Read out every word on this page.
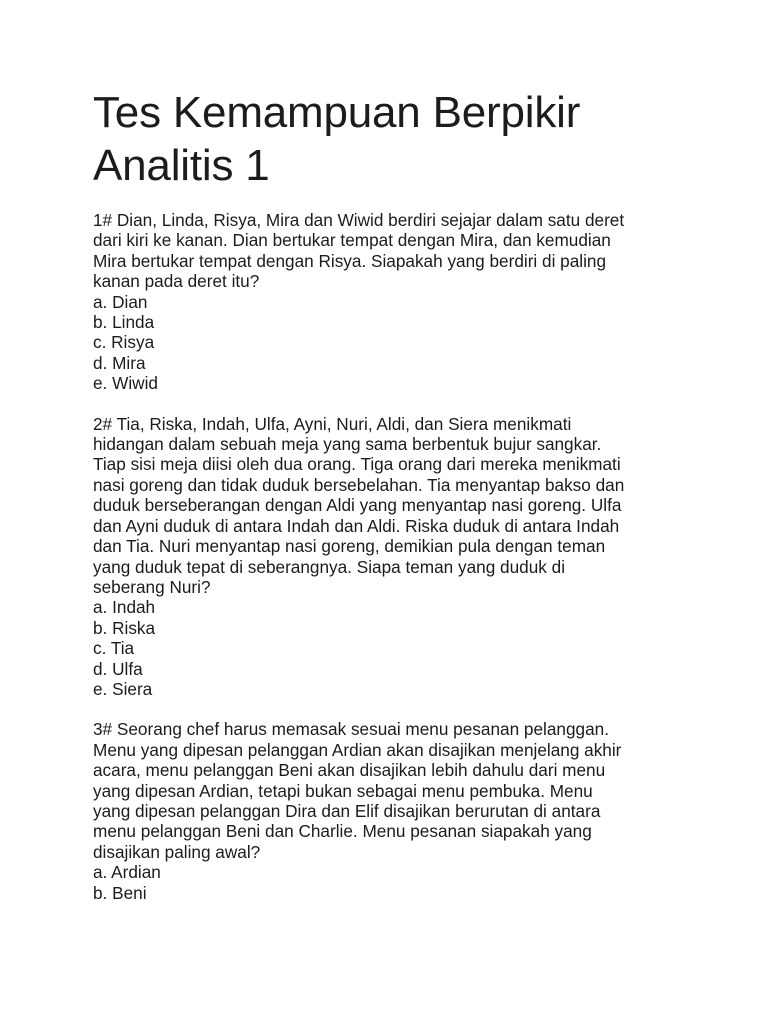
Tes Kemampuan Berpikir
Analitis 1
1# Dian, Linda, Risya, Mira dan Wiwid berdiri sejajar dalam satu deret
dari kiri ke kanan. Dian bertukar tempat dengan Mira, dan kemudian
Mira bertukar tempat dengan Risya. Siapakah yang berdiri di paling
kanan pada deret itu?
a. Dian
b. Linda
c. Risya
d. Mira
e. Wiwid
2# Tia, Riska, Indah, Ulfa, Ayni, Nuri, Aldi, dan Siera menikmati
hidangan dalam sebuah meja yang sama berbentuk bujur sangkar.
Tiap sisi meja diisi oleh dua orang. Tiga orang dari mereka menikmati
nasi goreng dan tidak duduk bersebelahan. Tia menyantap bakso dan
duduk berseberangan dengan Aldi yang menyantap nasi goreng. Ulfa
dan Ayni duduk di antara Indah dan Aldi. Riska duduk di antara Indah
dan Tia. Nuri menyantap nasi goreng, demikian pula dengan teman
yang duduk tepat di seberangnya. Siapa teman yang duduk di
seberang Nuri?
a. Indah
b. Riska
c. Tia
d. Ulfa
e. Siera
3# Seorang chef harus memasak sesuai menu pesanan pelanggan.
Menu yang dipesan pelanggan Ardian akan disajikan menjelang akhir
acara, menu pelanggan Beni akan disajikan lebih dahulu dari menu
yang dipesan Ardian, tetapi bukan sebagai menu pembuka. Menu
yang dipesan pelanggan Dira dan Elif disajikan berurutan di antara
menu pelanggan Beni dan Charlie. Menu pesanan siapakah yang
disajikan paling awal?
a. Ardian
b. Beni
